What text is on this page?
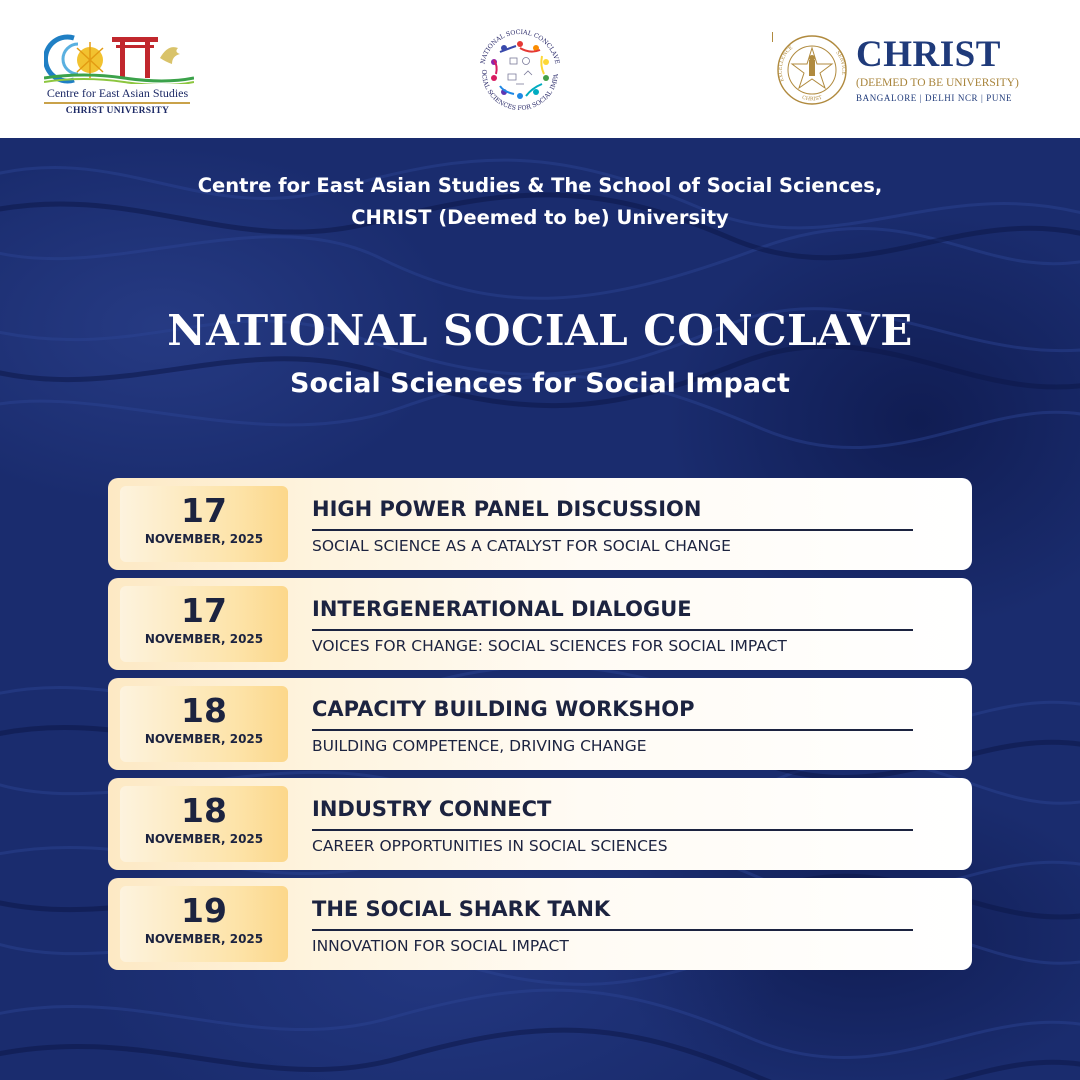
Centre for East Asian Studies
CHRIST UNIVERSITY
NATIONAL SOCIAL CONCLAVE
OCIAL SCIENCES FOR SOCIAL IMPA
EXCELLENCE
SERVICE
CHRIST
CHRIST
(DEEMED TO BE UNIVERSITY)
BANGALORE | DELHI NCR | PUNE
Centre for East Asian Studies & The School of Social Sciences,
CHRIST (Deemed to be) University
NATIONAL SOCIAL CONCLAVE
Social Sciences for Social Impact
17
NOVEMBER, 2025
HIGH POWER PANEL DISCUSSION
SOCIAL SCIENCE AS A CATALYST FOR SOCIAL CHANGE
17
NOVEMBER, 2025
INTERGENERATIONAL DIALOGUE
VOICES FOR CHANGE: SOCIAL SCIENCES FOR SOCIAL IMPACT
18
NOVEMBER, 2025
CAPACITY BUILDING WORKSHOP
BUILDING COMPETENCE, DRIVING CHANGE
18
NOVEMBER, 2025
INDUSTRY CONNECT
CAREER OPPORTUNITIES IN SOCIAL SCIENCES
19
NOVEMBER, 2025
THE SOCIAL SHARK TANK
INNOVATION FOR SOCIAL IMPACT
